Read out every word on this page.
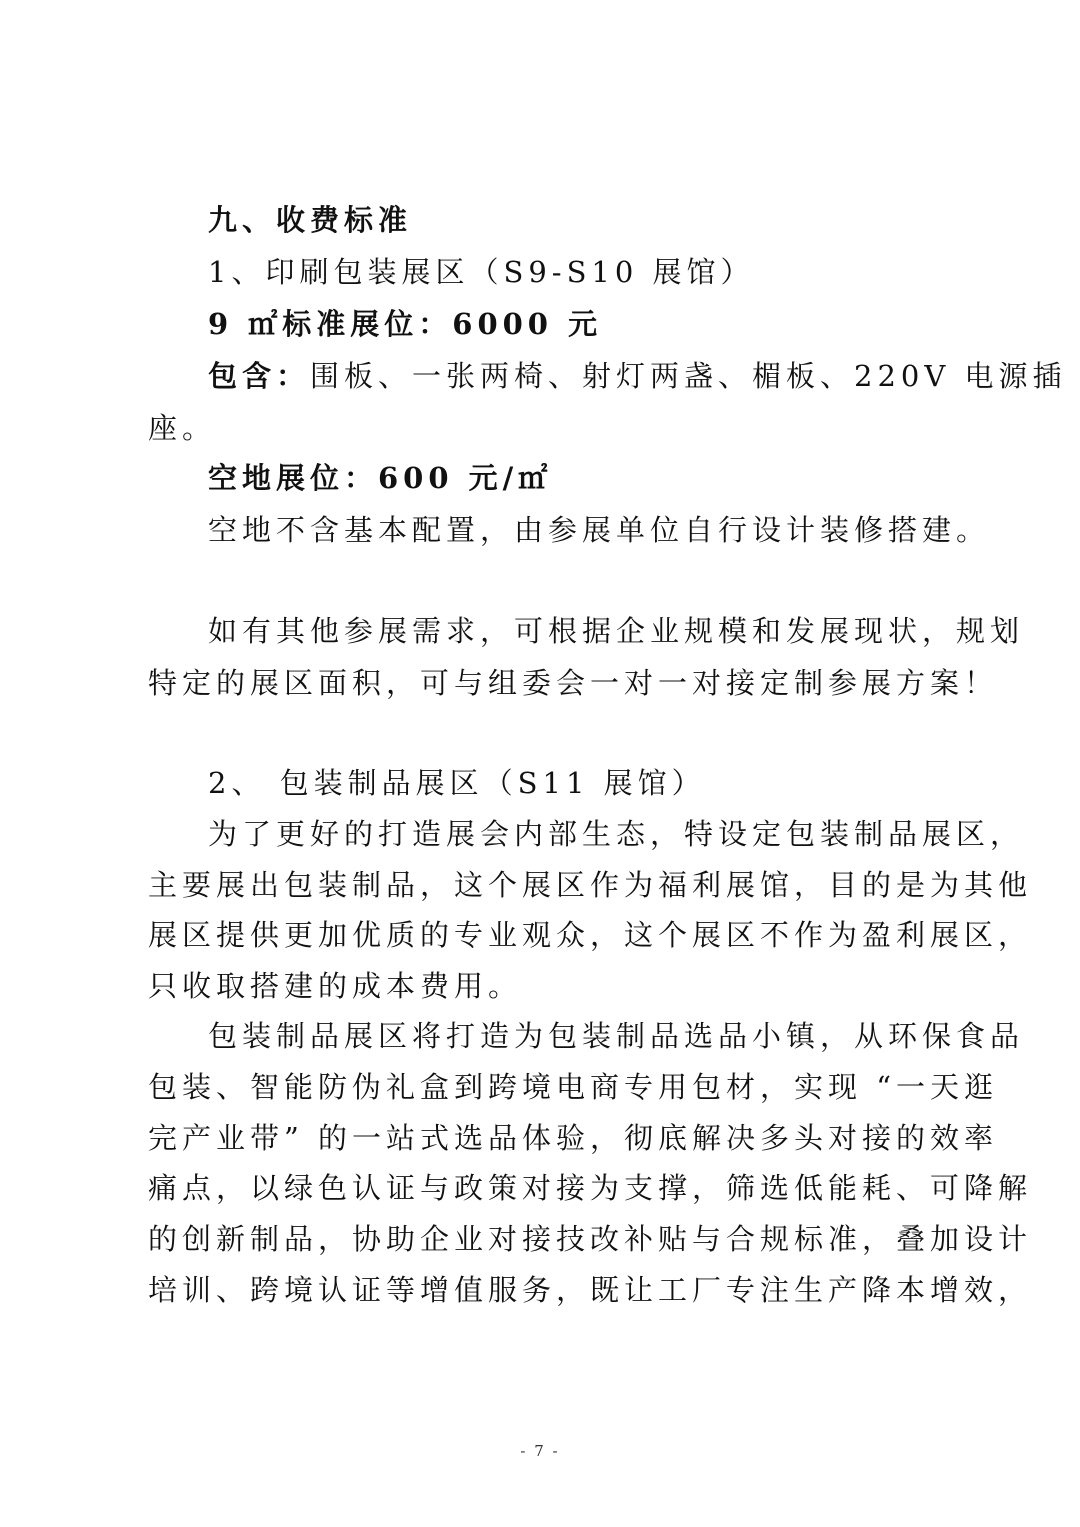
九、收费标准
1、印刷包装展区（S9-S10 展馆）
9 ㎡标准展位：6000 元
包含：围板、一张两椅、射灯两盏、楣板、220V 电源插
座。
空地展位：600 元/㎡
空地不含基本配置，由参展单位自行设计装修搭建。
如有其他参展需求，可根据企业规模和发展现状，规划
特定的展区面积，可与组委会一对一对接定制参展方案！
2、 包装制品展区（S11 展馆）
为了更好的打造展会内部生态，特设定包装制品展区，
主要展出包装制品，这个展区作为福利展馆，目的是为其他
展区提供更加优质的专业观众，这个展区不作为盈利展区，
只收取搭建的成本费用。
包装制品展区将打造为包装制品选品小镇，从环保食品
包装、智能防伪礼盒到跨境电商专用包材，实现 “一天逛
完产业带” 的一站式选品体验，彻底解决多头对接的效率
痛点，以绿色认证与政策对接为支撑，筛选低能耗、可降解
的创新制品，协助企业对接技改补贴与合规标准，叠加设计
培训、跨境认证等增值服务，既让工厂专注生产降本增效，
- 7 -
